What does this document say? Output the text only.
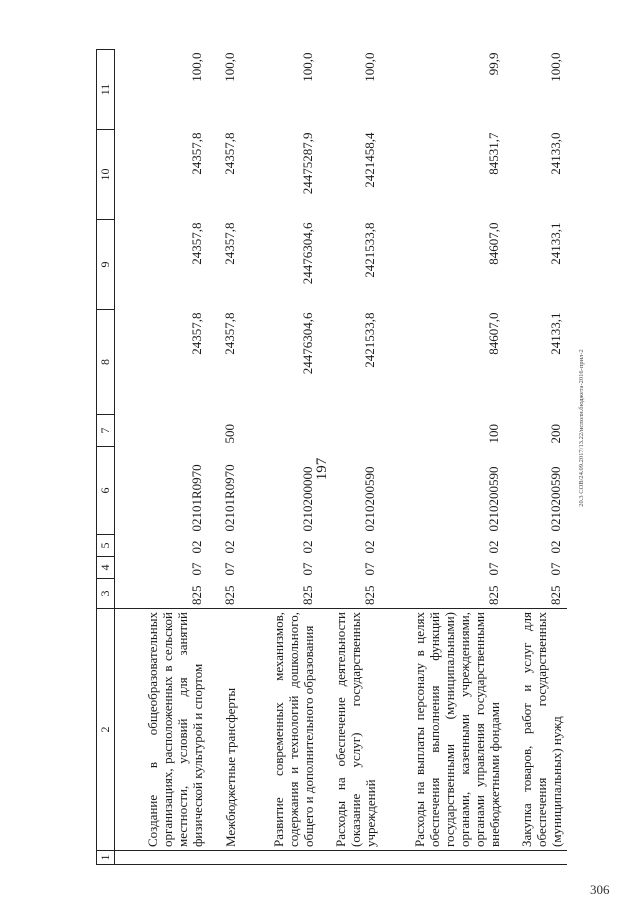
197	20.3 СОВ/24.09.2017/13.22/исполн.бюджета-2016-прил-2
306
1	2	3	4	5	6	7	8	9	10	11
	Создание в общеобразовательных организациях, расположенных в сельской местности, условий для занятий физической культурой и спортом	825	07	02	02101R0970		24357,8	24357,8	24357,8	100,0
	Межбюджетные трансферты	825	07	02	02101R0970	500	24357,8	24357,8	24357,8	100,0
	Развитие современных механизмов, содержания и технологий дошкольного, общего и дополнительного образования	825	07	02	0210200000		24476304,6	24476304,6	24475287,9	100,0
	Расходы на обеспечение деятельности (оказание услуг) государственных учреждений	825	07	02	0210200590		2421533,8	2421533,8	2421458,4	100,0
	Расходы на выплаты персоналу в целях обеспечения выполнения функций государственными (муниципальными) органами, казенными учреждениями, органами управления государственными внебюджетными фондами	825	07	02	0210200590	100	84607,0	84607,0	84531,7	99,9
	Закупка товаров, работ и услуг для обеспечения государственных (муниципальных) нужд	825	07	02	0210200590	200	24133,1	24133,1	24133,0	100,0
